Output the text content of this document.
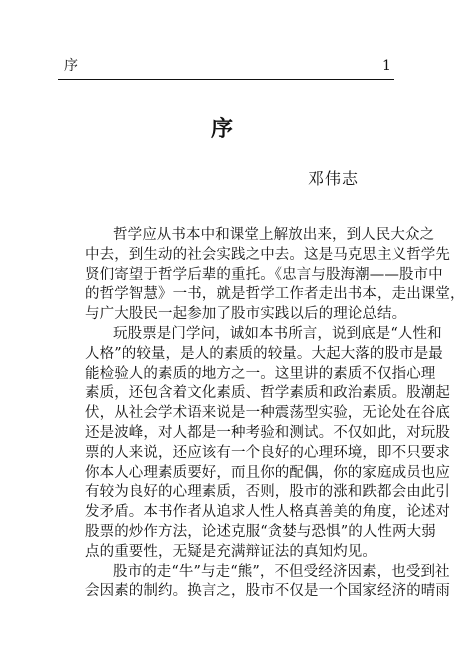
序	1
序
邓伟志
哲学应从书本中和课堂上解放出来，到人民大众之
中去，到生动的社会实践之中去。这是马克思主义哲学先
贤们寄望于哲学后辈的重托。《忠言与股海潮——股市中
的哲学智慧》一书，就是哲学工作者走出书本，走出课堂，
与广大股民一起参加了股市实践以后的理论总结。
玩股票是门学问，诚如本书所言，说到底是“人性和
人格”的较量，是人的素质的较量。大起大落的股市是最
能检验人的素质的地方之一。这里讲的素质不仅指心理
素质，还包含着文化素质、哲学素质和政治素质。股潮起
伏，从社会学术语来说是一种震荡型实验，无论处在谷底
还是波峰，对人都是一种考验和测试。不仅如此，对玩股
票的人来说，还应该有一个良好的心理环境，即不只要求
你本人心理素质要好，而且你的配偶，你的家庭成员也应
有较为良好的心理素质，否则，股市的涨和跌都会由此引
发矛盾。本书作者从追求人性人格真善美的角度，论述对
股票的炒作方法，论述克服“贪婪与恐惧”的人性两大弱
点的重要性，无疑是充满辩证法的真知灼见。
股市的走“牛”与走“熊”，不但受经济因素，也受到社
会因素的制约。换言之，股市不仅是一个国家经济的晴雨
